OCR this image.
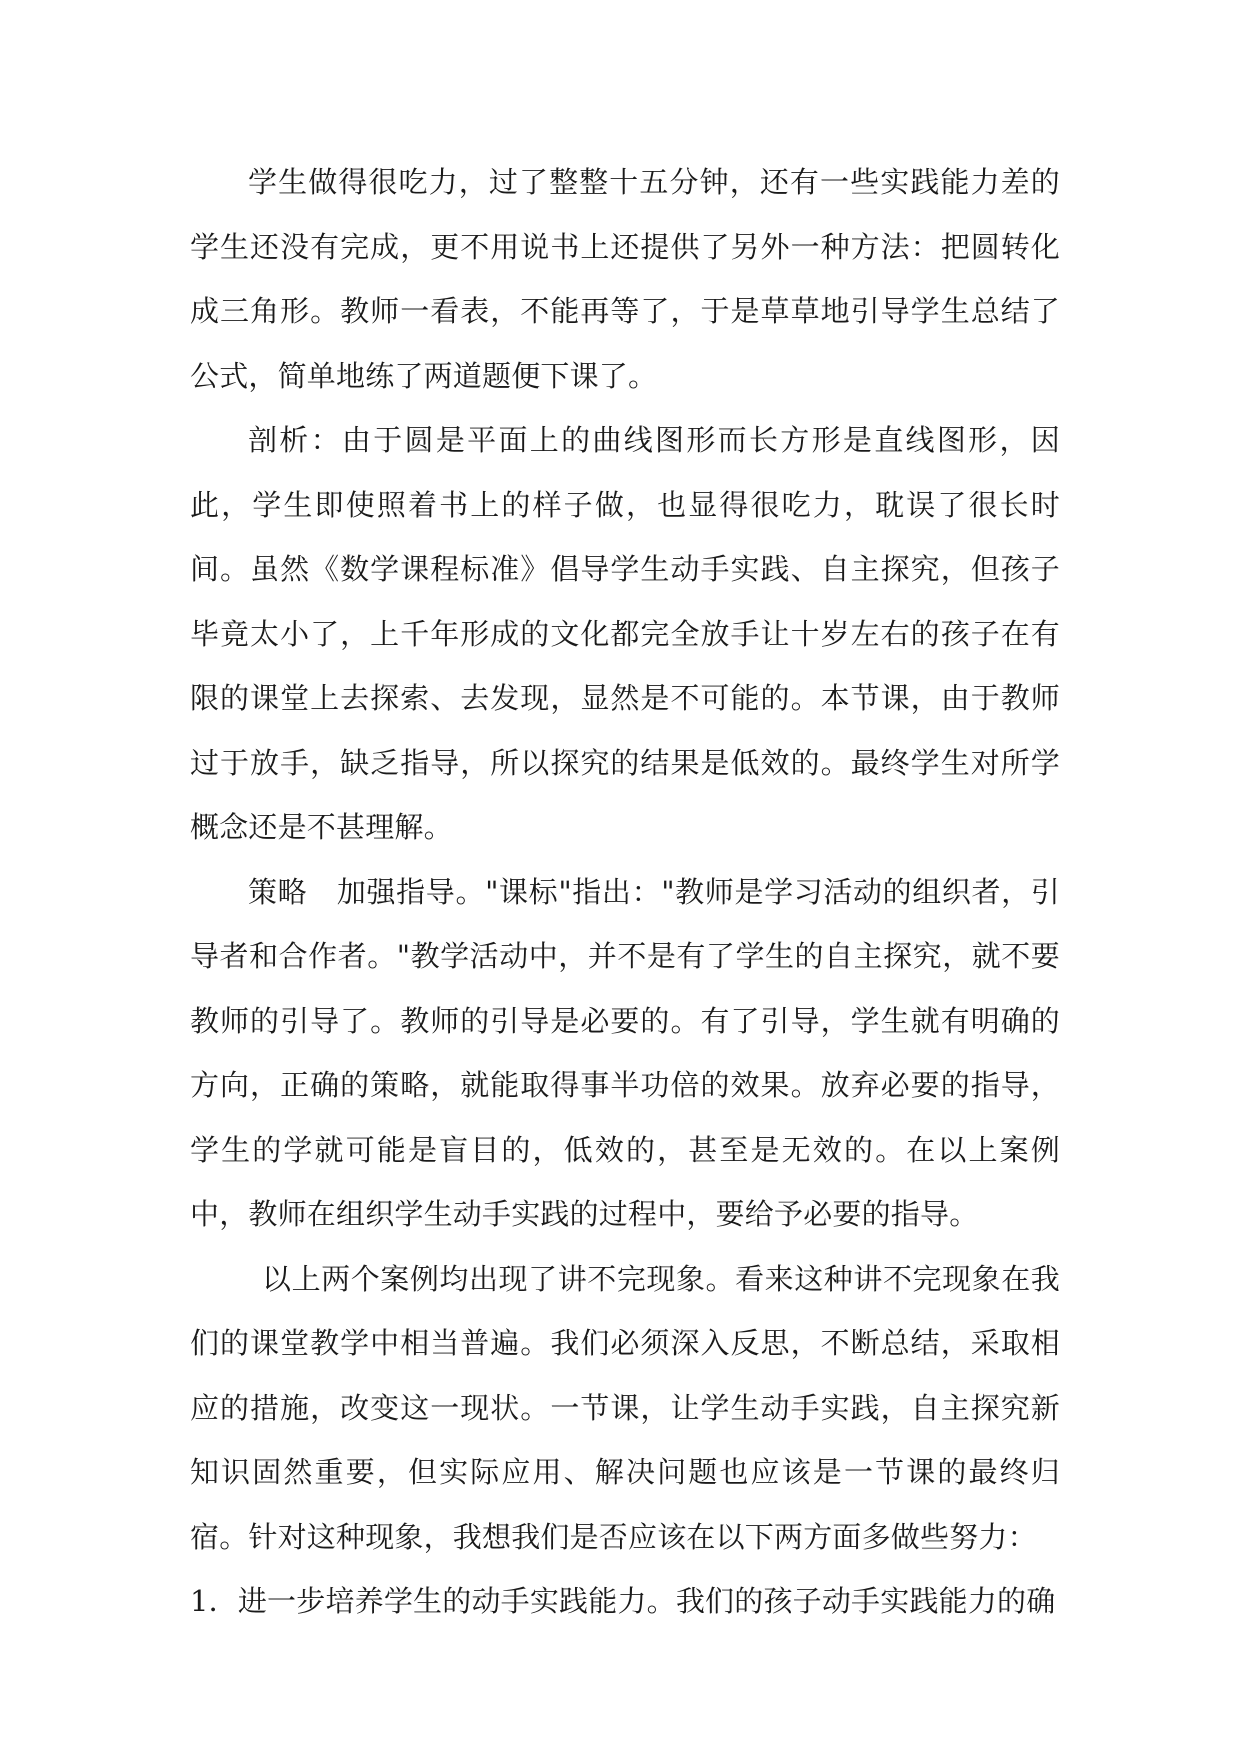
学生做得很吃力，过了整整十五分钟，还有一些实践能力差的学生还没有完成，更不用说书上还提供了另外一种方法：把圆转化成三角形。教师一看表，不能再等了，于是草草地引导学生总结了公式，简单地练了两道题便下课了。

剖析：由于圆是平面上的曲线图形而长方形是直线图形，因此，学生即使照着书上的样子做，也显得很吃力，耽误了很长时间。虽然《数学课程标准》倡导学生动手实践、自主探究，但孩子毕竟太小了，上千年形成的文化都完全放手让十岁左右的孩子在有限的课堂上去探索、去发现，显然是不可能的。本节课，由于教师过于放手，缺乏指导，所以探究的结果是低效的。最终学生对所学概念还是不甚理解。

策略　加强指导。"课标"指出："教师是学习活动的组织者，引导者和合作者。"教学活动中，并不是有了学生的自主探究，就不要教师的引导了。教师的引导是必要的。有了引导，学生就有明确的方向，正确的策略，就能取得事半功倍的效果。放弃必要的指导，学生的学就可能是盲目的，低效的，甚至是无效的。在以上案例中，教师在组织学生动手实践的过程中，要给予必要的指导。

以上两个案例均出现了讲不完现象。看来这种讲不完现象在我们的课堂教学中相当普遍。我们必须深入反思，不断总结，采取相应的措施，改变这一现状。一节课，让学生动手实践，自主探究新知识固然重要，但实际应用、解决问题也应该是一节课的最终归宿。针对这种现象，我想我们是否应该在以下两方面多做些努力：

1．进一步培养学生的动手实践能力。我们的孩子动手实践能力的确
